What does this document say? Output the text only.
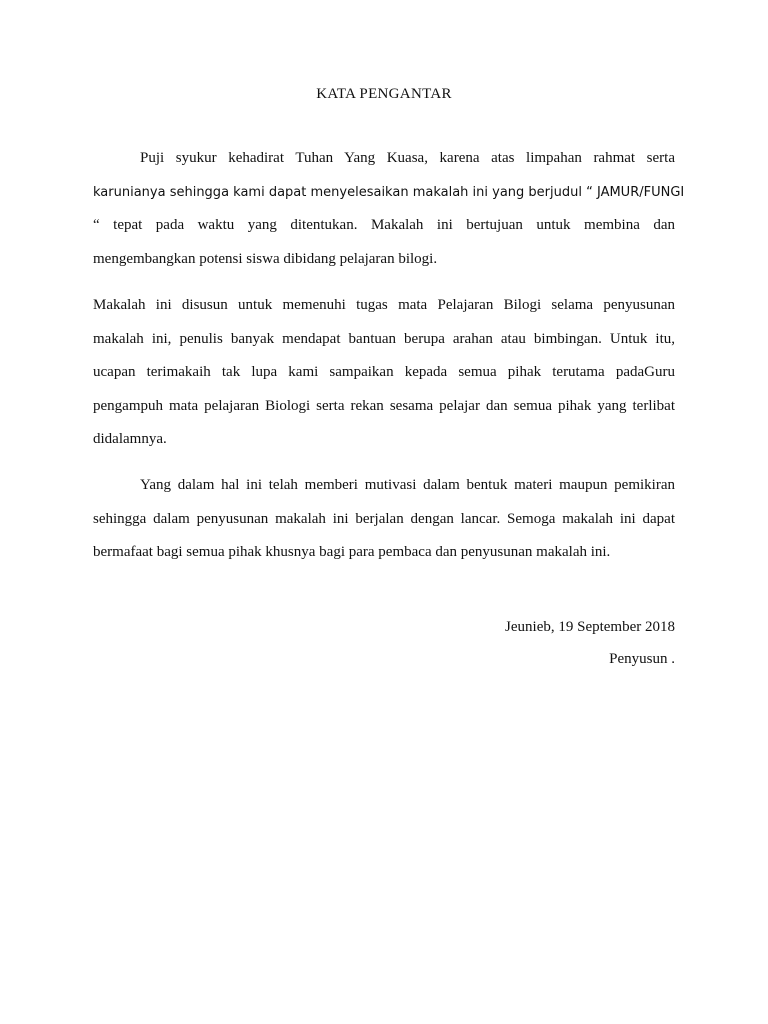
KATA PENGANTAR

Puji syukur kehadirat Tuhan Yang Kuasa, karena atas limpahan rahmat serta
karunianya sehingga kami dapat menyelesaikan makalah ini yang berjudul “ JAMUR/FUNGI
“ tepat pada waktu yang ditentukan. Makalah ini bertujuan untuk membina dan
mengembangkan potensi siswa dibidang pelajaran bilogi.

Makalah ini disusun untuk memenuhi tugas mata Pelajaran Bilogi selama penyusunan
makalah ini, penulis banyak mendapat bantuan berupa arahan atau bimbingan. Untuk itu,
ucapan terimakaih tak lupa kami sampaikan kepada semua pihak terutama padaGuru
pengampuh mata pelajaran Biologi serta rekan sesama pelajar dan semua pihak yang terlibat
didalamnya.

Yang dalam hal ini telah memberi mutivasi dalam bentuk materi maupun pemikiran
sehingga dalam penyusunan makalah ini berjalan dengan lancar. Semoga makalah ini dapat
bermafaat bagi semua pihak khusnya bagi para pembaca dan penyusunan makalah ini.

Jeunieb, 19 September 2018
Penyusun .
